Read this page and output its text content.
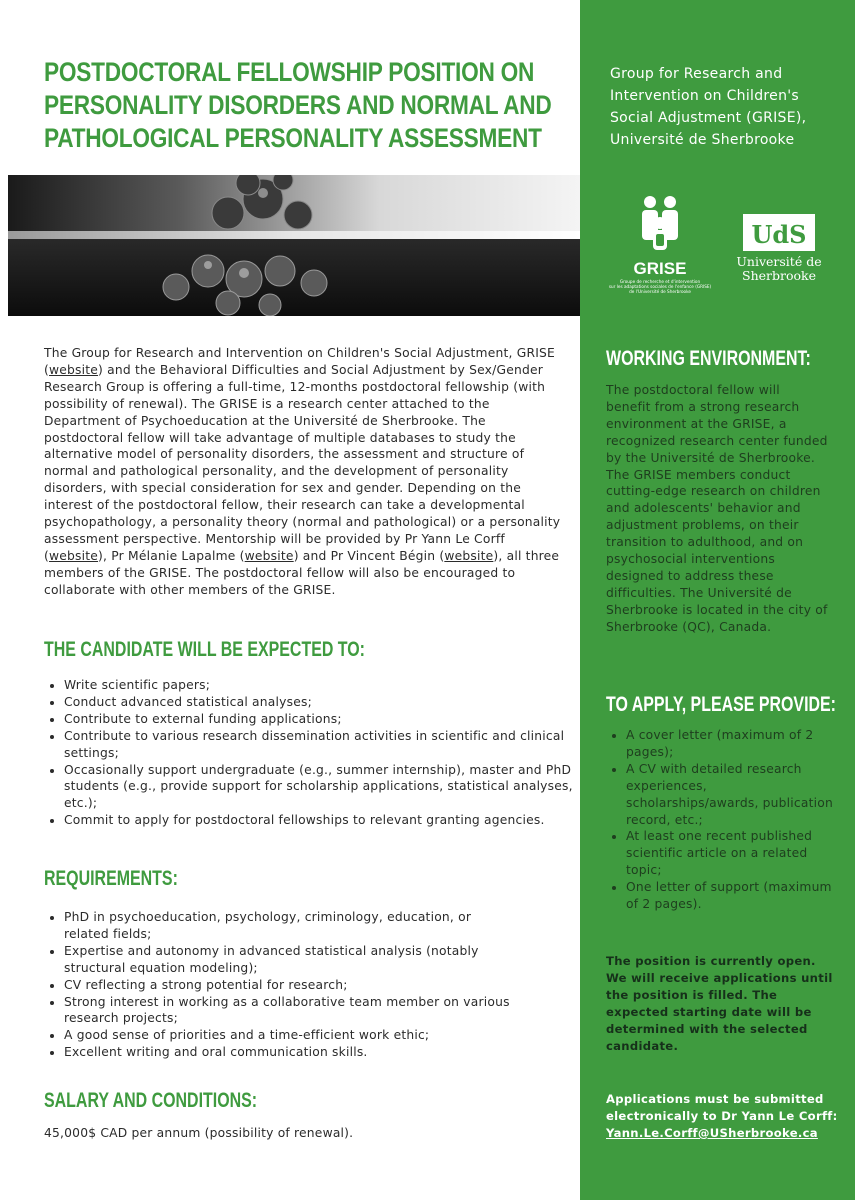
POSTDOCTORAL FELLOWSHIP POSITION ON
PERSONALITY DISORDERS AND NORMAL AND
PATHOLOGICAL PERSONALITY ASSESSMENT

Group for Research and
Intervention on Children's
Social Adjustment (GRISE),
Université de Sherbrooke

GRISE
Groupe de recherche et d'intervention
sur les adaptations sociales de l'enfance (GRISE)
de l'Université de Sherbrooke
UdS
Université de
Sherbrooke

The Group for Research and Intervention on Children's Social Adjustment, GRISE (website) and the Behavioral Difficulties and Social Adjustment by Sex/Gender Research Group is offering a full-time, 12-months postdoctoral fellowship (with possibility of renewal). The GRISE is a research center attached to the Department of Psychoeducation at the Université de Sherbrooke. The postdoctoral fellow will take advantage of multiple databases to study the alternative model of personality disorders, the assessment and structure of normal and pathological personality, and the development of personality disorders, with special consideration for sex and gender. Depending on the interest of the postdoctoral fellow, their research can take a developmental psychopathology, a personality theory (normal and pathological) or a personality assessment perspective. Mentorship will be provided by Pr Yann Le Corff (website), Pr Mélanie Lapalme (website) and Pr Vincent Bégin (website), all three members of the GRISE. The postdoctoral fellow will also be encouraged to collaborate with other members of the GRISE.

THE CANDIDATE WILL BE EXPECTED TO:
• Write scientific papers;
• Conduct advanced statistical analyses;
• Contribute to external funding applications;
• Contribute to various research dissemination activities in scientific and clinical settings;
• Occasionally support undergraduate (e.g., summer internship), master and PhD students (e.g., provide support for scholarship applications, statistical analyses, etc.);
• Commit to apply for postdoctoral fellowships to relevant granting agencies.
REQUIREMENTS:
• PhD in psychoeducation, psychology, criminology, education, or related fields;
• Expertise and autonomy in advanced statistical analysis (notably structural equation modeling);
• CV reflecting a strong potential for research;
• Strong interest in working as a collaborative team member on various research projects;
• A good sense of priorities and a time-efficient work ethic;
• Excellent writing and oral communication skills.
SALARY AND CONDITIONS:

45,000$ CAD per annum (possibility of renewal).

WORKING ENVIRONMENT:

The postdoctoral fellow will benefit from a strong research environment at the GRISE, a recognized research center funded by the Université de Sherbrooke. The GRISE members conduct cutting-edge research on children and adolescents' behavior and adjustment problems, on their transition to adulthood, and on psychosocial interventions designed to address these difficulties. The Université de Sherbrooke is located in the city of Sherbrooke (QC), Canada.

TO APPLY, PLEASE PROVIDE:
• A cover letter (maximum of 2 pages);
• A CV with detailed research experiences, scholarships/awards, publication record, etc.;
• At least one recent published scientific article on a related topic;
• One letter of support (maximum of 2 pages).

The position is currently open. We will receive applications until the position is filled. The expected starting date will be determined with the selected candidate.

Applications must be submitted electronically to Dr Yann Le Corff:
Yann.Le.Corff@USherbrooke.ca
